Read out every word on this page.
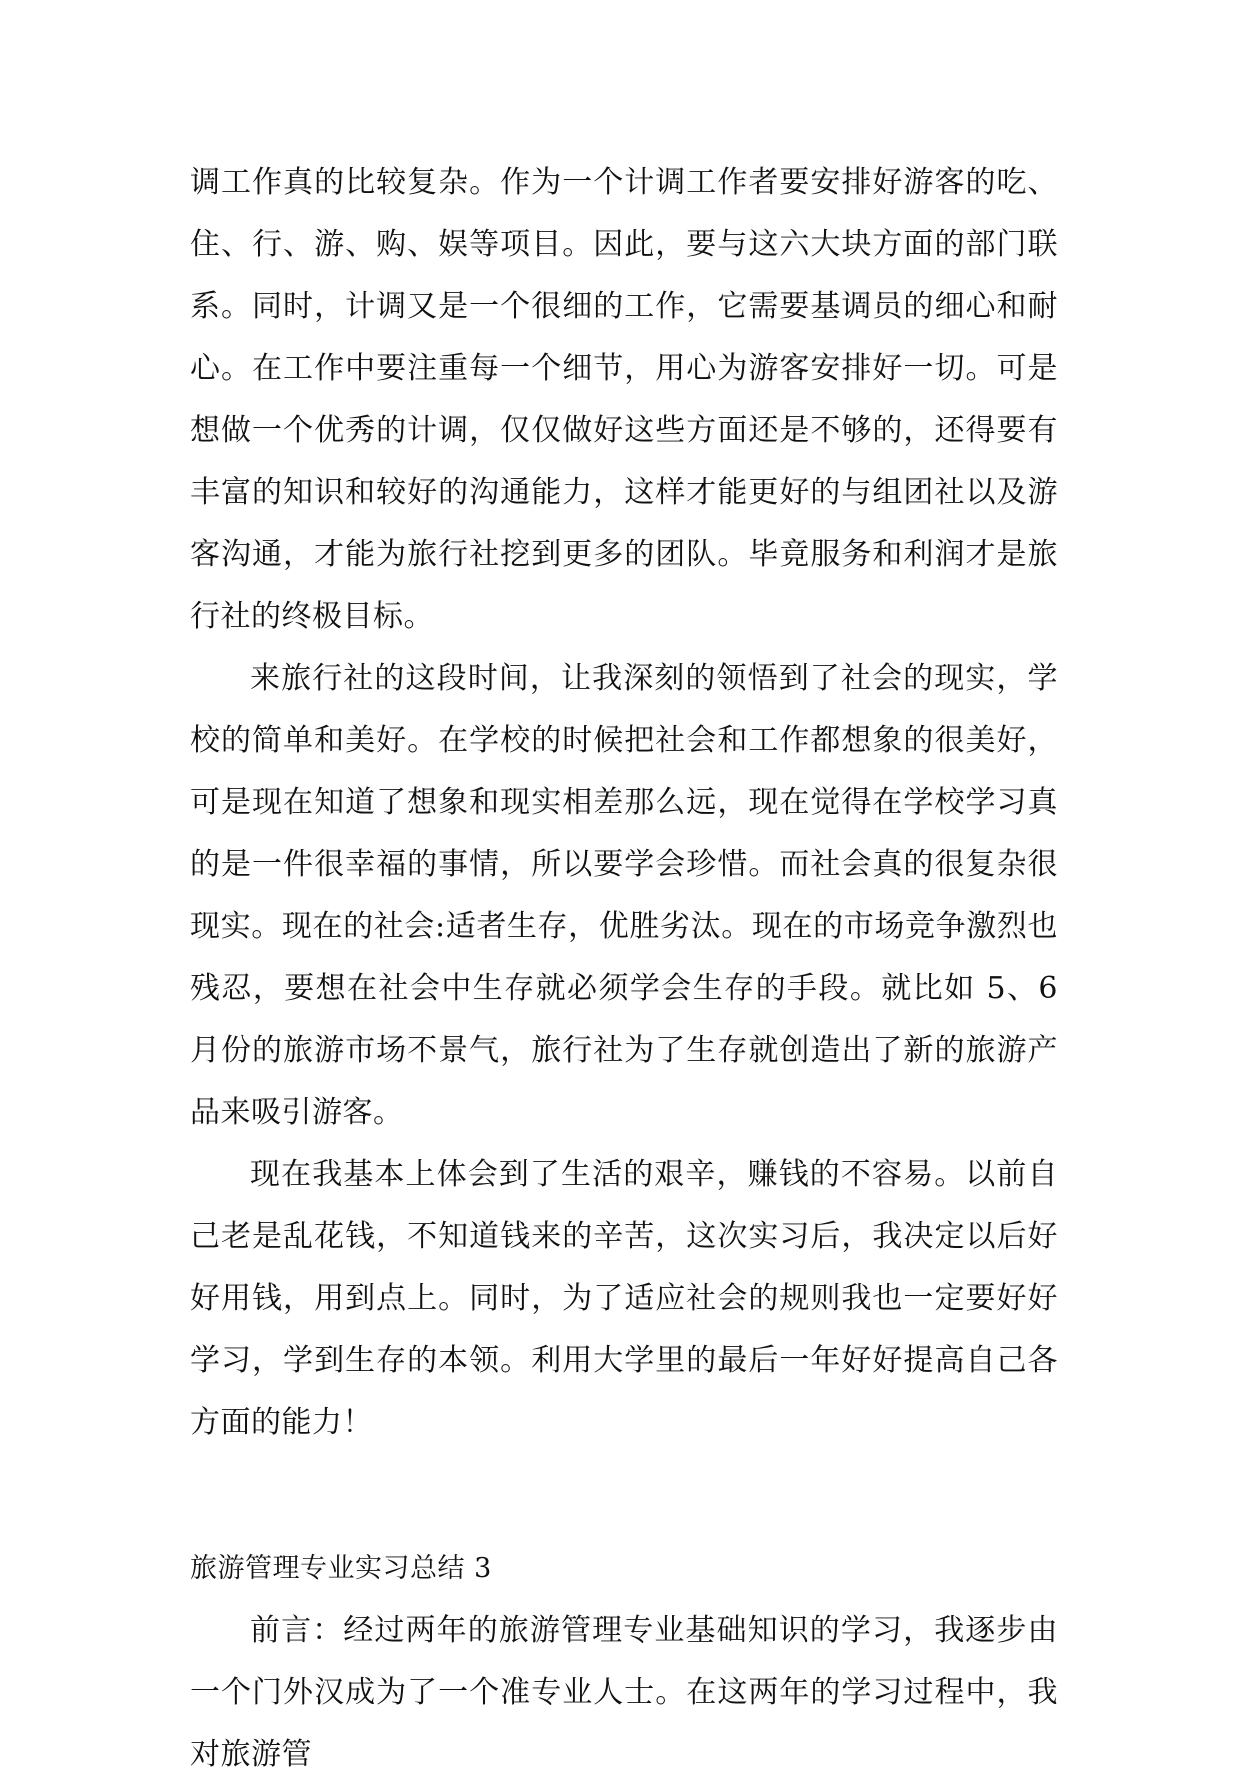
调工作真的比较复杂。作为一个计调工作者要安排好游客的吃、住、行、游、购、娱等项目。因此，要与这六大块方面的部门联系。同时，计调又是一个很细的工作，它需要基调员的细心和耐心。在工作中要注重每一个细节，用心为游客安排好一切。可是想做一个优秀的计调，仅仅做好这些方面还是不够的，还得要有丰富的知识和较好的沟通能力，这样才能更好的与组团社以及游客沟通，才能为旅行社挖到更多的团队。毕竟服务和利润才是旅行社的终极目标。

来旅行社的这段时间，让我深刻的领悟到了社会的现实，学校的简单和美好。在学校的时候把社会和工作都想象的很美好，可是现在知道了想象和现实相差那么远，现在觉得在学校学习真的是一件很幸福的事情，所以要学会珍惜。而社会真的很复杂很现实。现在的社会:适者生存，优胜劣汰。现在的市场竞争激烈也残忍，要想在社会中生存就必须学会生存的手段。就比如 5、6 月份的旅游市场不景气，旅行社为了生存就创造出了新的旅游产品来吸引游客。

现在我基本上体会到了生活的艰辛，赚钱的不容易。以前自己老是乱花钱，不知道钱来的辛苦，这次实习后，我决定以后好好用钱，用到点上。同时，为了适应社会的规则我也一定要好好学习，学到生存的本领。利用大学里的最后一年好好提高自己各方面的能力！

旅游管理专业实习总结 3

前言：经过两年的旅游管理专业基础知识的学习，我逐步由一个门外汉成为了一个准专业人士。在这两年的学习过程中，我对旅游管
